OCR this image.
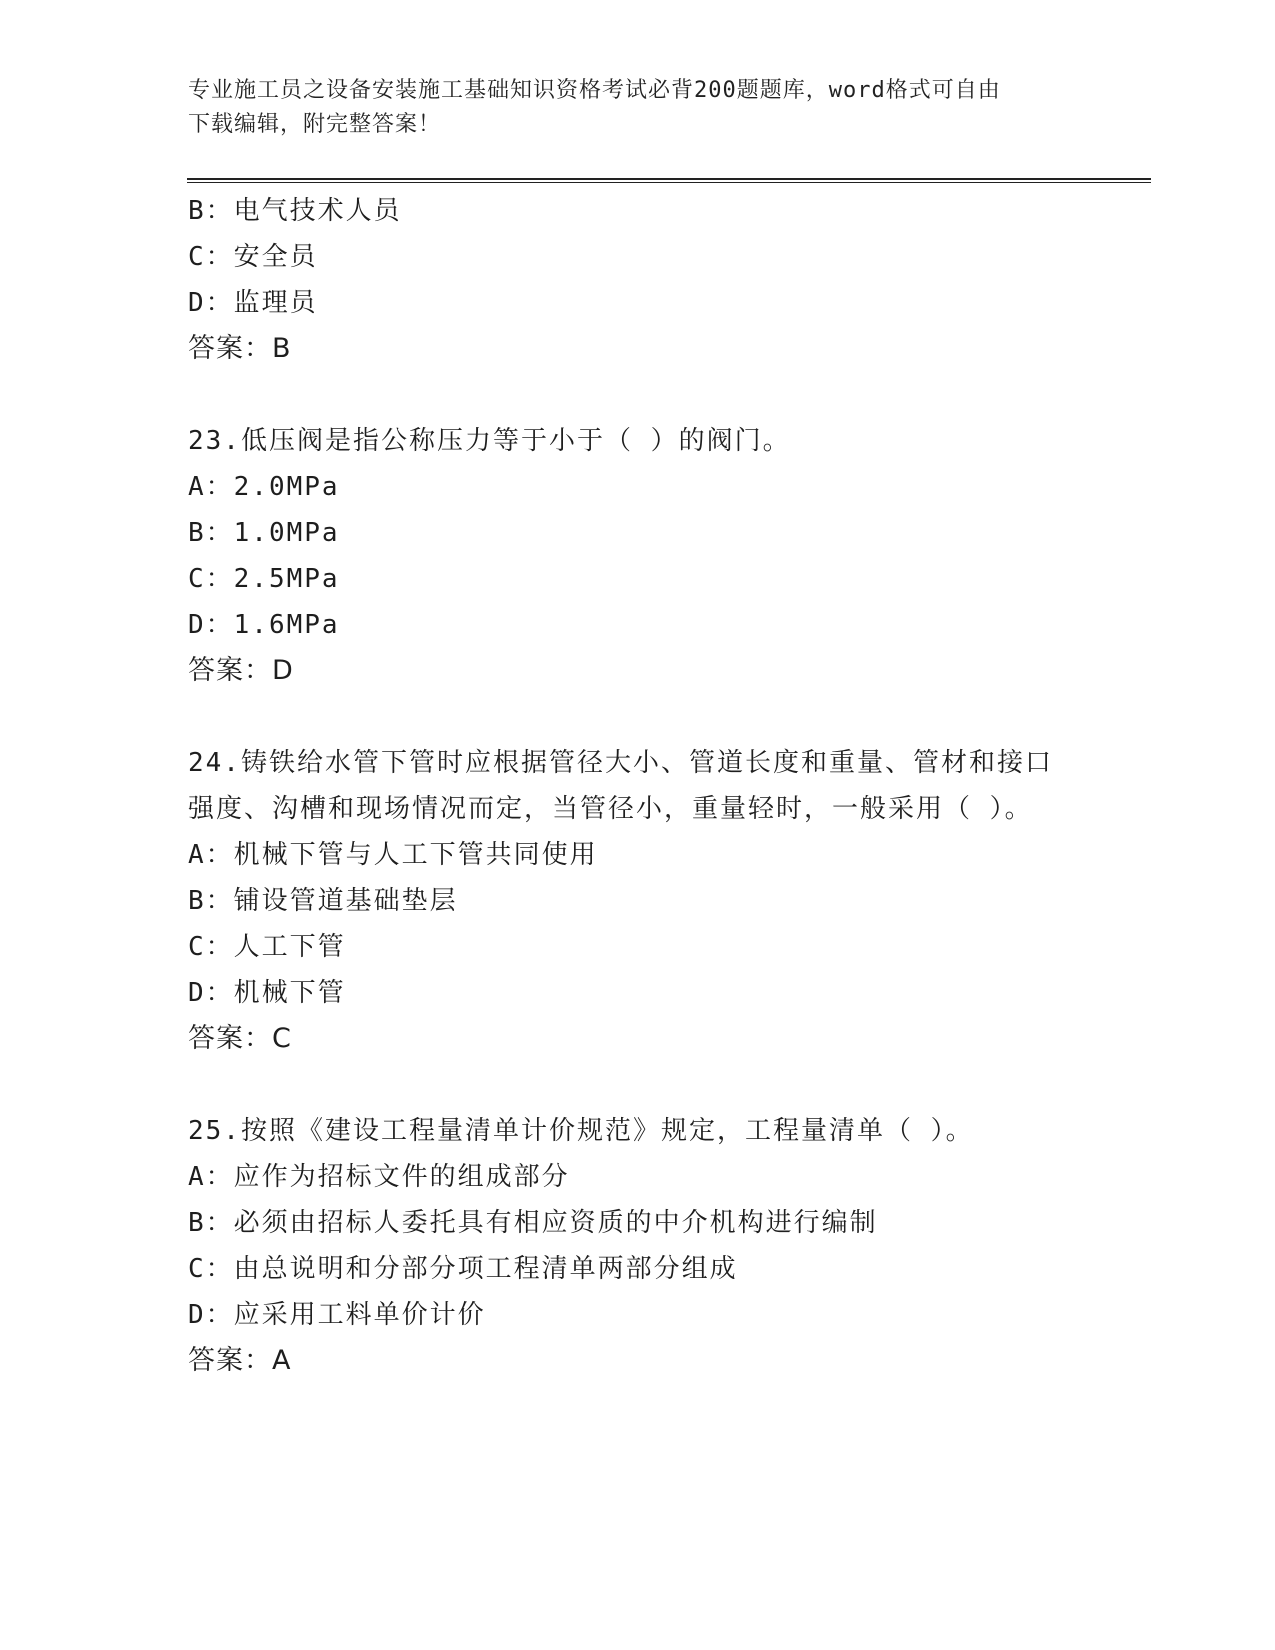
专业施工员之设备安装施工基础知识资格考试必背200题题库，word格式可自由
下载编辑，附完整答案！
B：电气技术人员
C：安全员
D：监理员
答案：B
23.低压阀是指公称压力等于小于（ ）的阀门。
A：2.0MPa
B：1.0MPa
C：2.5MPa
D：1.6MPa
答案：D
24.铸铁给水管下管时应根据管径大小、管道长度和重量、管材和接口
强度、沟槽和现场情况而定，当管径小，重量轻时，一般采用（ ）。
A：机械下管与人工下管共同使用
B：铺设管道基础垫层
C：人工下管
D：机械下管
答案：C
25.按照《建设工程量清单计价规范》规定，工程量清单（ ）。
A：应作为招标文件的组成部分
B：必须由招标人委托具有相应资质的中介机构进行编制
C：由总说明和分部分项工程清单两部分组成
D：应采用工料单价计价
答案：A
